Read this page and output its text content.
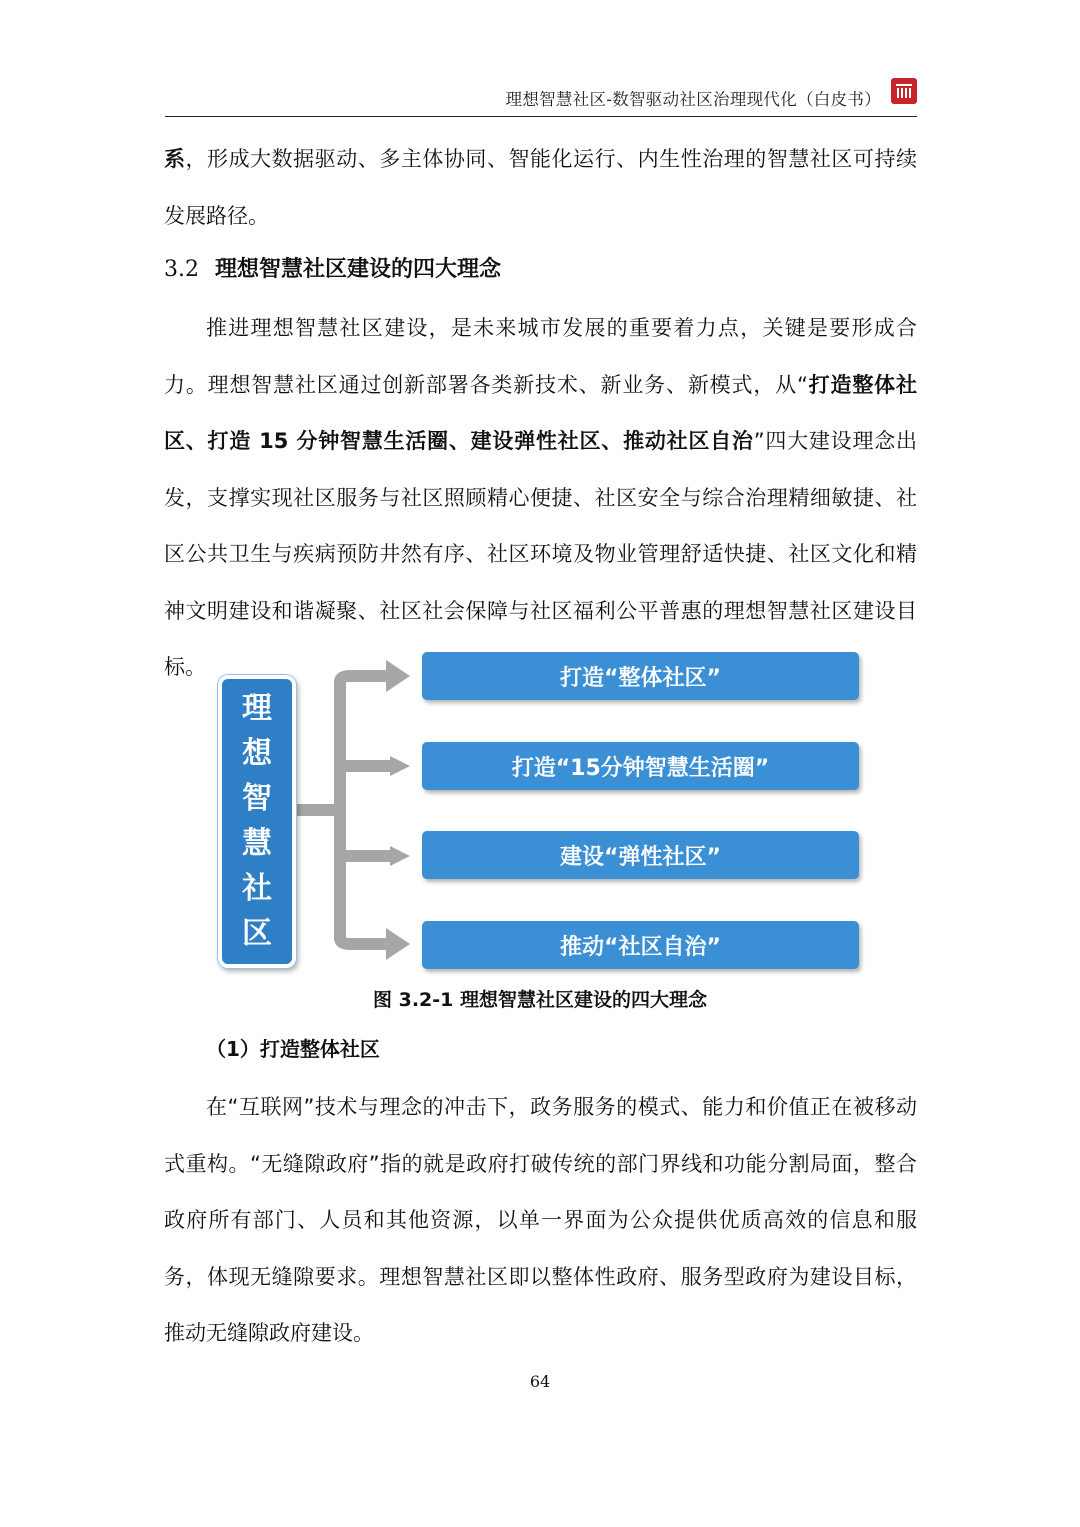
理想智慧社区-数智驱动社区治理现代化（白皮书）
系，形成大数据驱动、多主体协同、智能化运行、内生性治理的智慧社区可持续发展路径。
3.2 理想智慧社区建设的四大理念
推进理想智慧社区建设，是未来城市发展的重要着力点，关键是要形成合力。理想智慧社区通过创新部署各类新技术、新业务、新模式，从“打造整体社区、打造 15 分钟智慧生活圈、建设弹性社区、推动社区自治”四大建设理念出发，支撑实现社区服务与社区照顾精心便捷、社区安全与综合治理精细敏捷、社区公共卫生与疾病预防井然有序、社区环境及物业管理舒适快捷、社区文化和精神文明建设和谐凝聚、社区社会保障与社区福利公平普惠的理想智慧社区建设目标。
理
想
智
慧
社
区
打造“整体社区”
打造“15分钟智慧生活圈”
建设“弹性社区”
推动“社区自治”
图 3.2-1 理想智慧社区建设的四大理念
（1）打造整体社区
在“互联网”技术与理念的冲击下，政务服务的模式、能力和价值正在被移动式重构。“无缝隙政府”指的就是政府打破传统的部门界线和功能分割局面，整合政府所有部门、人员和其他资源，以单一界面为公众提供优质高效的信息和服务，体现无缝隙要求。理想智慧社区即以整体性政府、服务型政府为建设目标，推动无缝隙政府建设。
64
